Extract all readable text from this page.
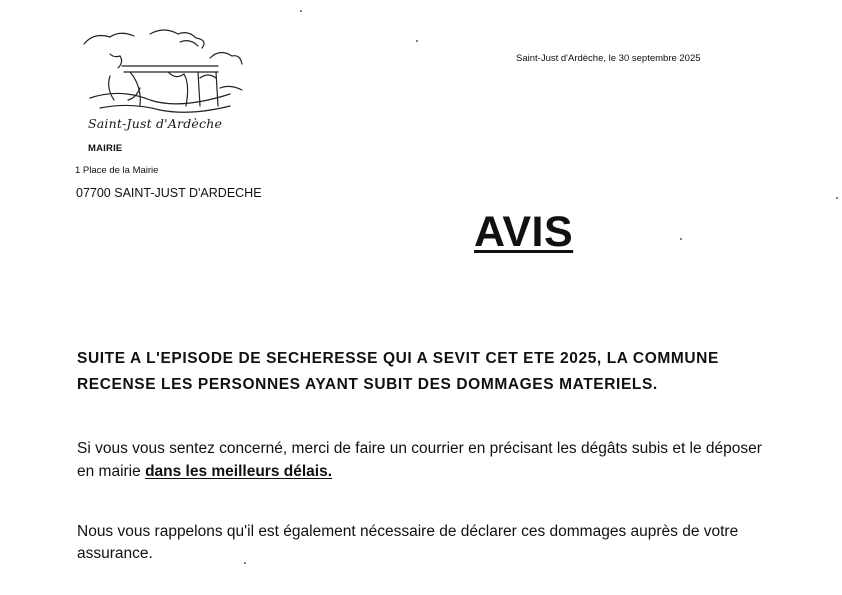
Saint-Just d'Ardèche
MAIRIE
1 Place de la Mairie
07700 SAINT-JUST D'ARDECHE
Saint-Just d'Ardèche, le 30 septembre 2025
AVIS
SUITE A L'EPISODE DE SECHERESSE QUI A SEVIT CET ETE 2025, LA COMMUNE RECENSE LES PERSONNES AYANT SUBIT DES DOMMAGES MATERIELS.
Si vous vous sentez concerné, merci de faire un courrier en précisant les dégâts subis et le déposer en mairie dans les meilleurs délais.
Nous vous rappelons qu'il est également nécessaire de déclarer ces dommages auprès de votre assurance.
